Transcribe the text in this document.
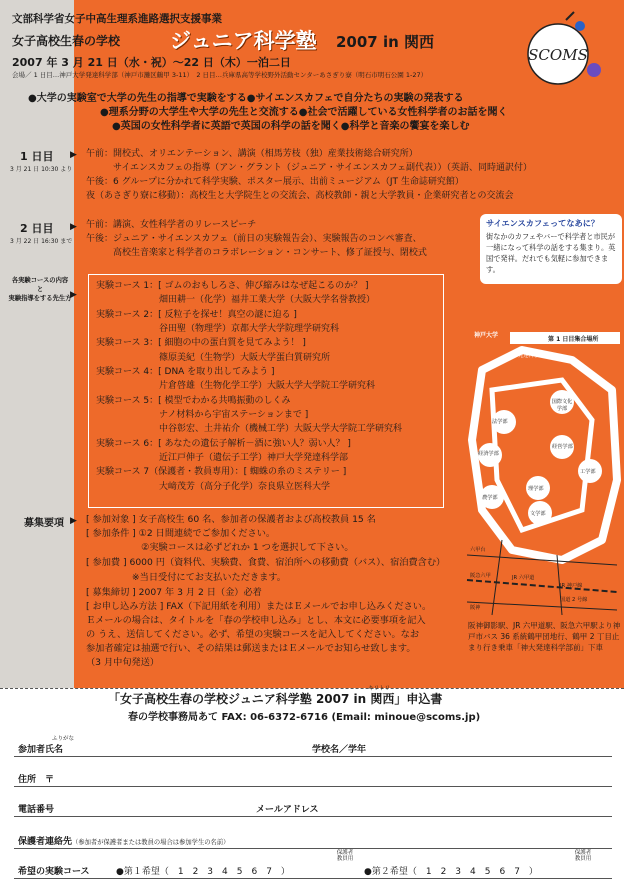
文部科学省女子中高生理系進路選択支援事業
女子高校生春の学校 ジュニア科学塾 2007 in 関西
2007 年 3 月 21 日（水・祝）〜22 日（木）一泊二日
会場／ 1 日目…神戸大学発達科学部（神戸市灘区鶴甲 3-11）　2 日目…兵庫県高等学校野外活動センターあさぎり寮（明石市明石公園 1-27）
SCOMS
●大学の実験室で大学の先生の指導で実験をする●サイエンスカフェで自分たちの実験の発表する
●理系分野の大学生や大学の先生と交流する●社会で活躍している女性科学者のお話を聞く
●英国の女性科学者に英語で英国の科学の話を聞く●科学と音楽の饗宴を楽しむ
1 日目 ▶
3 月 21 日 10:30 より
午前：開校式、オリエンテーション、講演（相馬芳枝（独）産業技術総合研究所）
　　　サイエンスカフェの指導（アン・グラント（ジュニア・サイエンスカフェ副代表））（英語、同時通訳付）
午後：6 グループに分かれて科学実験、ポスター展示、出前ミュージアム（JT 生命誌研究館）
夜（あさぎり寮に移動）：高校生と大学院生との交流会、高校教師・親と大学教員・企業研究者との交流会
2 日目 ▶
3 月 22 日 16:30 まで
午前：講演、女性科学者のリレースピーチ
午後：ジュニア・サイエンスカフェ（前日の実験報告会）、実験報告のコンペ審査、
　　　高校生音楽家と科学者のコラボレーション・コンサート、修了証授与、閉校式
サイエンスカフェってなあに？
街なかのカフェやバーで科学者と市民が一緒になって科学の話をする集まり。英国で発祥。だれでも気軽に参加できます。
各実験コースの内容
と
実験指導をする先生方
▶
実験コース 1：[ ゴムのおもしろさ、伸び縮みはなぜ起こるのか？ ]
　　　　　　　畑田耕一（化学）福井工業大学（大阪大学名誉教授）
実験コース 2：[ 反粒子を探せ！真空の謎に迫る ]
　　　　　　　谷田聖（物理学）京都大学大学院理学研究科
実験コース 3：[ 細胞の中の蛋白質を見てみよう！ ]
　　　　　　　篠原美紀（生物学）大阪大学蛋白質研究所
実験コース 4：[ DNA を取り出してみよう ]
　　　　　　　片倉啓雄（生物化学工学）大阪大学大学院工学研究科
実験コース 5：[ 模型でわかる共鳴振動のしくみ
　　　　　　　ナノ材料から宇宙ステーションまで ]
　　　　　　　中谷彰宏、土井祐介（機械工学）大阪大学大学院工学研究科
実験コース 6：[ あなたの遺伝子解析－酒に強い人？弱い人？ ]
　　　　　　　近江戸伸子（遺伝子工学）神戸大学発達科学部
実験コース 7（保護者・教員専用）：[ 蜘蛛の糸のミステリー ]
　　　　　　　大﨑茂芳（高分子化学）奈良県立医科大学
神戸大学
第 1 日目集合場所
発達科学部
法学部
国際文化学部
経済学部
経営学部
理学部
工学部
農学部
文学部
六甲台
JR 六甲道
阪急六甲
JR 神戸線
国道 2 号線
阪神
阪神御影駅、JR 六甲道駅、阪急六甲駅より神戸市バス 36 系統鶴甲団地行、鶴甲 2 丁目止まり行き乗車「神大発達科学部前」下車
募集要項 ▶ [ 参加対象 ] 女子高校生 60 名、参加者の保護者および高校教員 15 名
[ 参加条件 ] ①2 日間連続でご参加ください。
　　　　　　②実験コースは必ずどれか 1 つを選択して下さい。
[ 参加費 ] 6000 円（資料代、実験費、食費、宿泊所への移動費（バス）、宿泊費含む）
　　　　　※当日受付にてお支払いただきます。
[ 募集締切 ] 2007 年 3 月 2 日（金）必着
[ お申し込み方法 ] FAX（下記用紙を利用）またはＥメールでお申し込みください。
Ｅメールの場合は、タイトルを「春の学校申し込み」とし、本文に必要事項を記入
の うえ、送信してください。必ず、希望の実験コースを記入してください。なお
参加者確定は抽選で行い、その結果は郵送またはＥメールでお知らせ致します。
（3 月中旬発送）
キリトリ
「女子高校生春の学校ジュニア科学塾 2007 in 関西」申込書
春の学校事務局あて FAX: 06-6372-6716 (Email: minoue@scoms.jp)
ふりがな
参加者氏名	学校名／学年
住所　〒
電話番号	メールアドレス
保護者連絡先（参加者が保護者または教員の場合は参加学生の名前）
保護者
教員用
保護者
教員用
希望の実験コース	●第１希望（　1　2　3　4　5　6　7　）	●第２希望（　1　2　3　4　5　6　7　）
